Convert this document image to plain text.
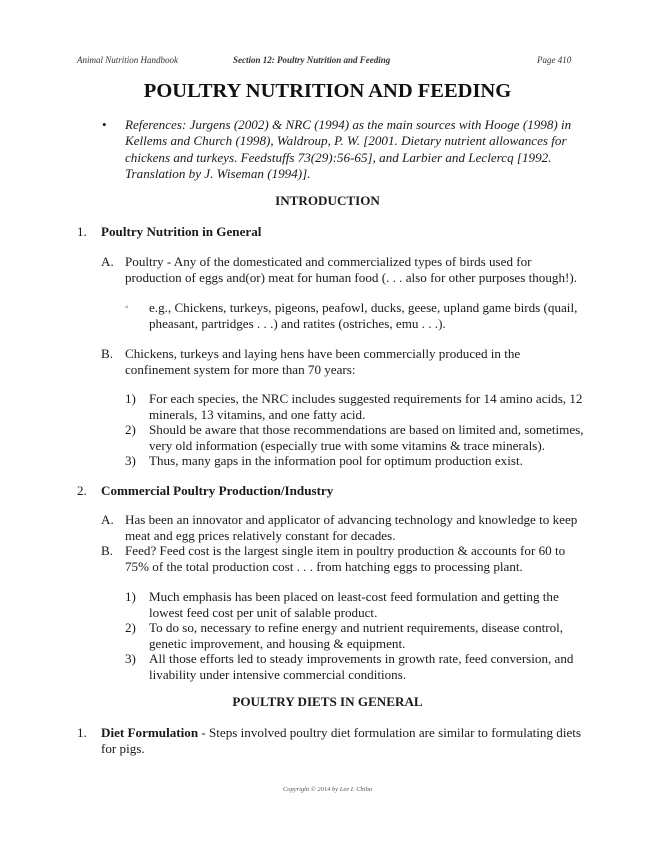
Animal Nutrition Handbook	Section 12: Poultry Nutrition and Feeding	Page 410
POULTRY NUTRITION AND FEEDING
• References: Jurgens (2002) & NRC (1994) as the main sources with Hooge (1998) in
Kellems and Church (1998), Waldroup, P. W. [2001. Dietary nutrient allowances for
chickens and turkeys. Feedstuffs 73(29):56-65], and Larbier and Leclercq [1992.
Translation by J. Wiseman (1994)].
INTRODUCTION
1. Poultry Nutrition in General
A. Poultry - Any of the domesticated and commercialized types of birds used for
production of eggs and(or) meat for human food (. . . also for other purposes though!).
◦ e.g., Chickens, turkeys, pigeons, peafowl, ducks, geese, upland game birds (quail,
pheasant, partridges . . .) and ratites (ostriches, emu . . .).
B. Chickens, turkeys and laying hens have been commercially produced in the
confinement system for more than 70 years:
1) For each species, the NRC includes suggested requirements for 14 amino acids, 12
minerals, 13 vitamins, and one fatty acid.
2) Should be aware that those recommendations are based on limited and, sometimes,
very old information (especially true with some vitamins & trace minerals).
3) Thus, many gaps in the information pool for optimum production exist.
2. Commercial Poultry Production/Industry
A. Has been an innovator and applicator of advancing technology and knowledge to keep
meat and egg prices relatively constant for decades.
B. Feed? Feed cost is the largest single item in poultry production & accounts for 60 to
75% of the total production cost . . . from hatching eggs to processing plant.
1) Much emphasis has been placed on least-cost feed formulation and getting the
lowest feed cost per unit of salable product.
2) To do so, necessary to refine energy and nutrient requirements, disease control,
genetic improvement, and housing & equipment.
3) All those efforts led to steady improvements in growth rate, feed conversion, and
livability under intensive commercial conditions.
POULTRY DIETS IN GENERAL
1. Diet Formulation - Steps involved poultry diet formulation are similar to formulating diets
for pigs.
Copyright © 2014 by Lee I. Chiba
